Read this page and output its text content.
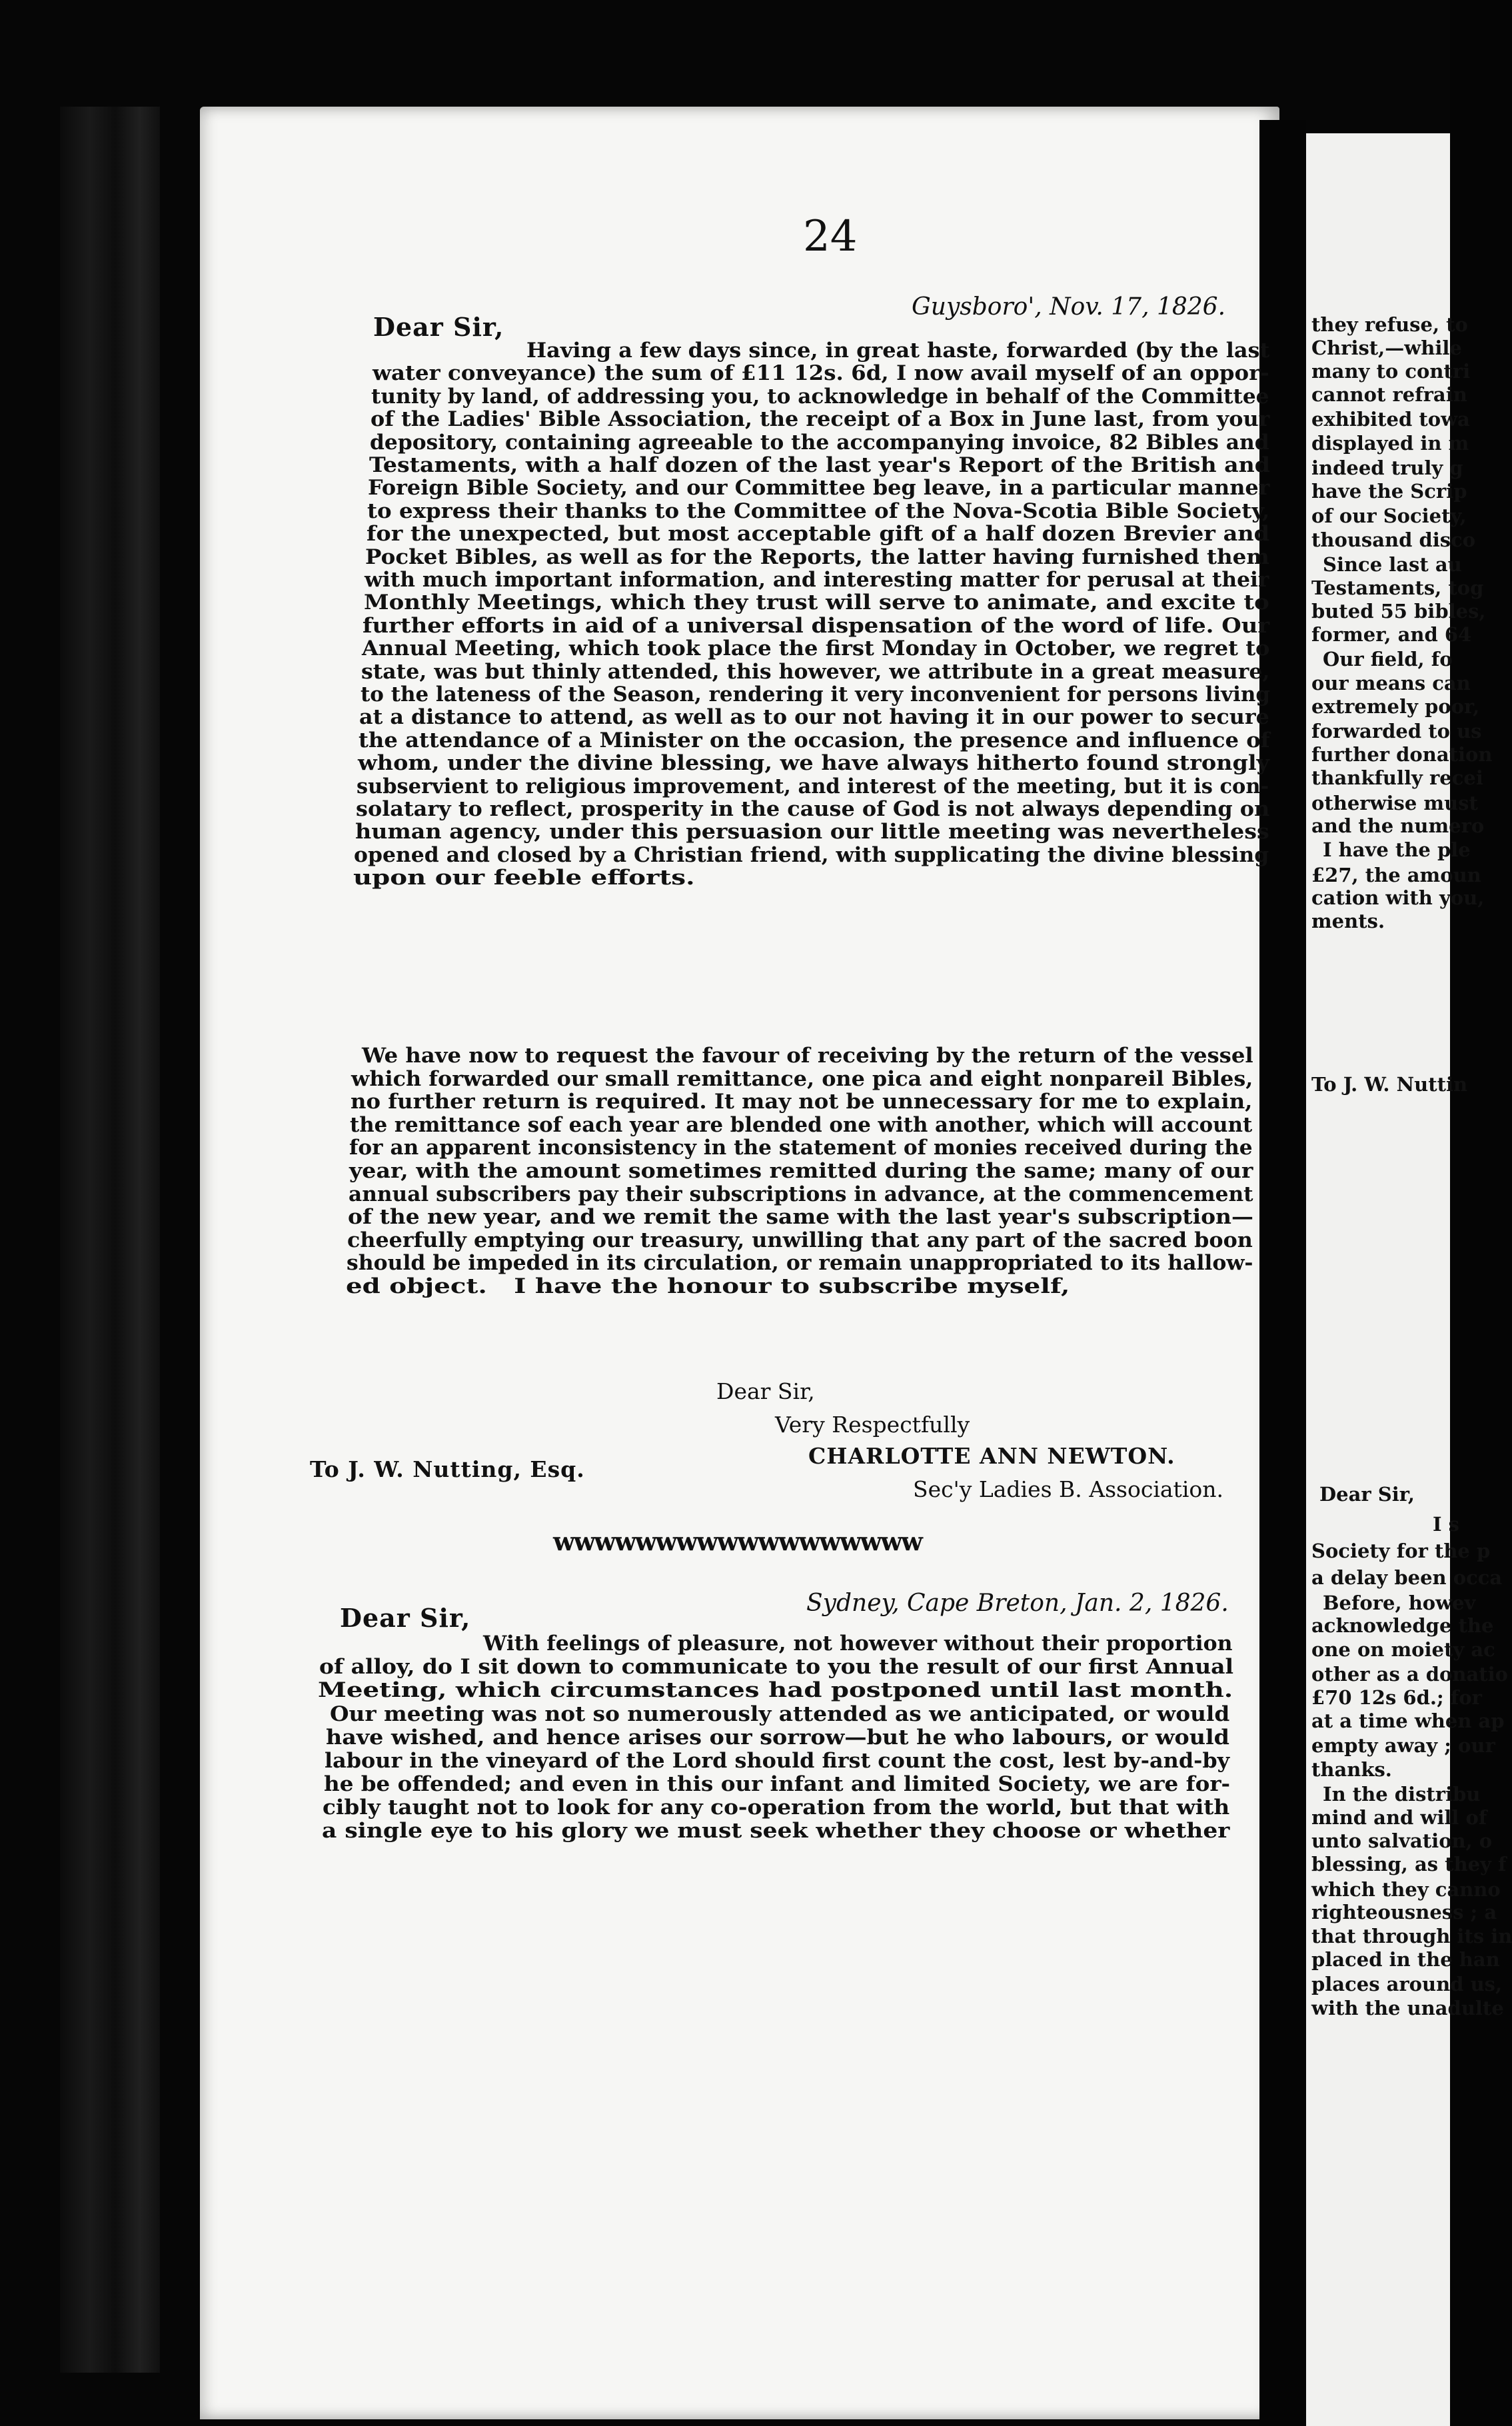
24

Guysboro', Nov. 17, 1826.

Dear Sir,

Having a few days since, in great haste, forwarded (by the last

water conveyance) the sum of £11 12s. 6d, I now avail myself of an oppor-

tunity by land, of addressing you, to acknowledge in behalf of the Committee

of the Ladies' Bible Association, the receipt of a Box in June last, from your

depository, containing agreeable to the accompanying invoice, 82 Bibles and

Testaments, with a half dozen of the last year's Report of the British and

Foreign Bible Society, and our Committee beg leave, in a particular manner

to express their thanks to the Committee of the Nova-Scotia Bible Society,

for the unexpected, but most acceptable gift of a half dozen Brevier and

Pocket Bibles, as well as for the Reports, the latter having furnished them

with much important information, and interesting matter for perusal at their

Monthly Meetings, which they trust will serve to animate, and excite to

further efforts in aid of a universal dispensation of the word of life. Our

Annual Meeting, which took place the first Monday in October, we regret to

state, was but thinly attended, this however, we attribute in a great measure,

to the lateness of the Season, rendering it very inconvenient for persons living

at a distance to attend, as well as to our not having it in our power to secure

the attendance of a Minister on the occasion, the presence and influence of

whom, under the divine blessing, we have always hitherto found strongly

subservient to religious improvement, and interest of the meeting, but it is con-

solatary to reflect, prosperity in the cause of God is not always depending on

human agency, under this persuasion our little meeting was nevertheless

opened and closed by a Christian friend, with supplicating the divine blessing

upon our feeble efforts.

We have now to request the favour of receiving by the return of the vessel

which forwarded our small remittance, one pica and eight nonpareil Bibles,

no further return is required. It may not be unnecessary for me to explain,

the remittance sof each year are blended one with another, which will account

for an apparent inconsistency in the statement of monies received during the

year, with the amount sometimes remitted during the same; many of our

annual subscribers pay their subscriptions in advance, at the commencement

of the new year, and we remit the same with the last year's subscription—

cheerfully emptying our treasury, unwilling that any part of the sacred boon

should be impeded in its circulation, or remain unappropriated to its hallow-

ed object.   I have the honour to subscribe myself,

Dear Sir,

Very Respectfully

CHARLOTTE ANN NEWTON.

Sec'y Ladies B. Association.

To J. W. Nutting, Esq.

wwwwwwwwwwwwwwwwww

Sydney, Cape Breton, Jan. 2, 1826.

Dear Sir,

With feelings of pleasure, not however without their proportion

of alloy, do I sit down to communicate to you the result of our first Annual

Meeting, which circumstances had postponed until last month.

Our meeting was not so numerously attended as we anticipated, or would

have wished, and hence arises our sorrow—but he who labours, or would

labour in the vineyard of the Lord should first count the cost, lest by-and-by

he be offended; and even in this our infant and limited Society, we are for-

cibly taught not to look for any co-operation from the world, but that with

a single eye to his glory we must seek whether they choose or whether

they refuse, to

Christ,—while

many to contri

cannot refrain

exhibited towa

displayed in m

indeed truly g

have the Scrip

of our Society,

thousand disco

Since last au

Testaments, tog

buted 55 bibles,

former, and 64

Our field, fo

our means can

extremely poor,

forwarded to us

further donation

thankfully recei

otherwise must

and the numero

I have the ple

£27, the amoun

cation with you,

ments.

To J. W. Nuttin

Dear Sir,

I s

Society for the p

a delay been occa

Before, howev

acknowledge the

one on moiety ac

other as a donatio

£70 12s 6d.; for

at a time when ap

empty away ; our

thanks.

In the distribu

mind and will of

unto salvation, o

blessing, as they f

which they canno

righteousness ; a

that through its in

placed in the han

places around us,

with the unadulte
